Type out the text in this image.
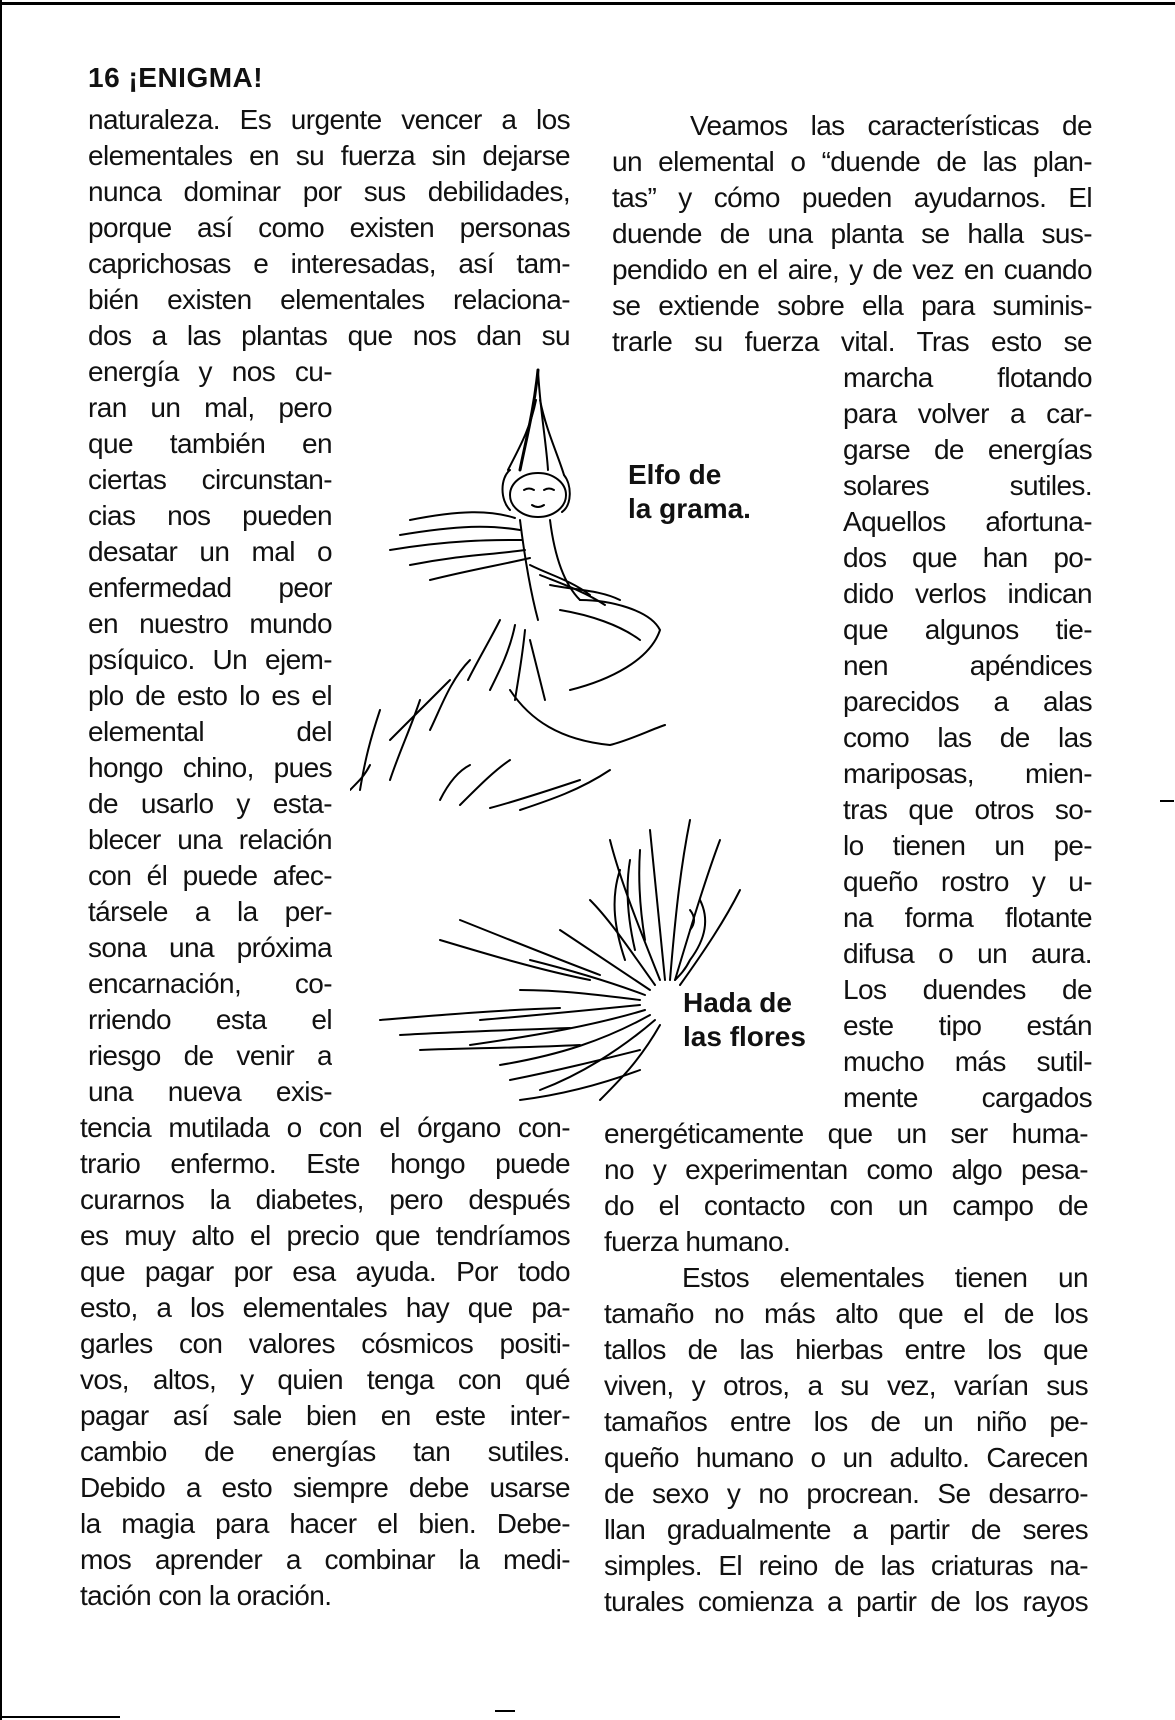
16 ¡ENIGMA!
naturaleza. Es urgente vencer a los
elementales en su fuerza sin dejarse
nunca dominar por sus debilidades,
porque así como existen personas
caprichosas e interesadas, así tam-
bién existen elementales relaciona-
dos a las plantas que nos dan su
energía y nos cu-
ran un mal, pero
que también en
ciertas circunstan-
cias nos pueden
desatar un mal o
enfermedad peor
en nuestro mundo
psíquico. Un ejem-
plo de esto lo es el
elemental del
hongo chino, pues
de usarlo y esta-
blecer una relación
con él puede afec-
társele a la per-
sona una próxima
encarnación, co-
rriendo esta el
riesgo de venir a
una nueva exis-
tencia mutilada o con el órgano con-
trario enfermo. Este hongo puede
curarnos la diabetes, pero después
es muy alto el precio que tendríamos
que pagar por esa ayuda. Por todo
esto, a los elementales hay que pa-
garles con valores cósmicos positi-
vos, altos, y quien tenga con qué
pagar así sale bien en este inter-
cambio de energías tan sutiles.
Debido a esto siempre debe usarse
la magia para hacer el bien. Debe-
mos aprender a combinar la medi-
tación con la oración.
Veamos las características de
un elemental o “duende de las plan-
tas” y cómo pueden ayudarnos. El
duende de una planta se halla sus-
pendido en el aire, y de vez en cuando
se extiende sobre ella para suminis-
trarle su fuerza vital. Tras esto se
marcha flotando
para volver a car-
garse de energías
solares sutiles.
Aquellos afortuna-
dos que han po-
dido verlos indican
que algunos tie-
nen apéndices
parecidos a alas
como las de las
mariposas, mien-
tras que otros so-
lo tienen un pe-
queño rostro y u-
na forma flotante
difusa o un aura.
Los duendes de
este tipo están
mucho más sutil-
mente cargados
energéticamente que un ser huma-
no y experimentan como algo pesa-
do el contacto con un campo de
fuerza humano.
Estos elementales tienen un
tamaño no más alto que el de los
tallos de las hierbas entre los que
viven, y otros, a su vez, varían sus
tamaños entre los de un niño pe-
queño humano o un adulto. Carecen
de sexo y no procrean. Se desarro-
llan gradualmente a partir de seres
simples. El reino de las criaturas na-
turales comienza a partir de los rayos
Elfo de
la grama.
Hada de
las flores
